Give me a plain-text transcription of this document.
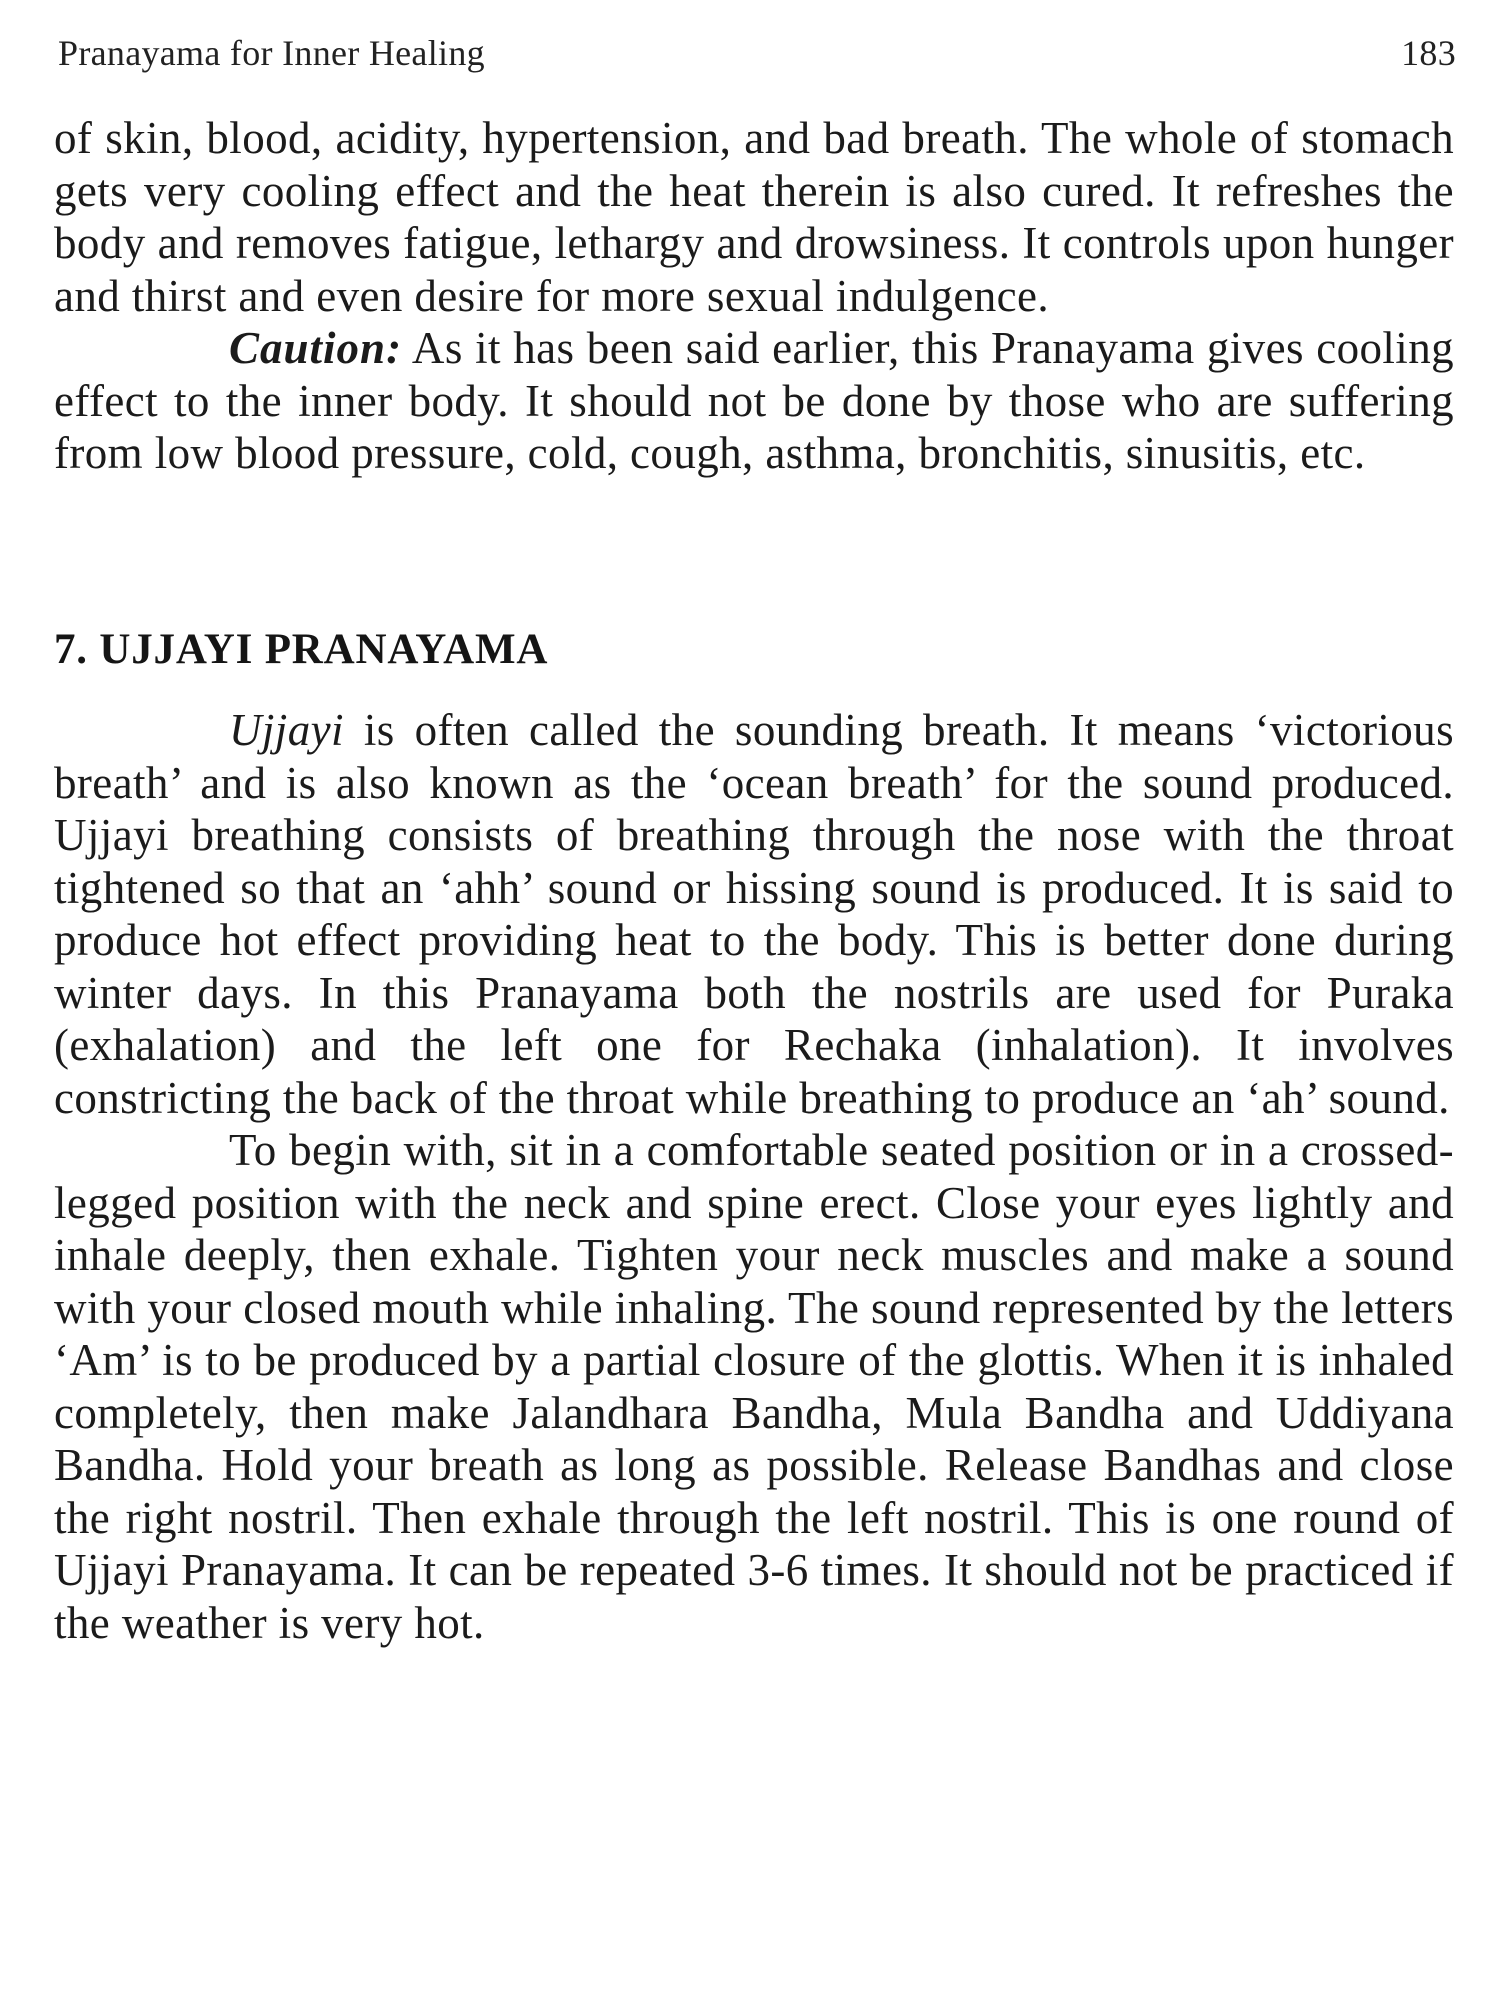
Pranayama for Inner Healing	183

of skin, blood, acidity, hypertension, and bad breath. The whole of stomach gets very cooling effect and the heat therein is also cured. It refreshes the body and removes fatigue, lethargy and drowsiness. It controls upon hunger and thirst and even desire for more sexual indulgence.

Caution: As it has been said earlier, this Pranayama gives cooling effect to the inner body. It should not be done by those who are suffering from low blood pressure, cold, cough, asthma, bronchitis, sinusitis, etc.

7. UJJAYI PRANAYAMA

Ujjayi is often called the sounding breath. It means ‘victorious breath’ and is also known as the ‘ocean breath’ for the sound produced. Ujjayi breathing consists of breathing through the nose with the throat tightened so that an ‘ahh’ sound or hissing sound is produced. It is said to produce hot effect providing heat to the body. This is better done during winter days. In this Pranayama both the nostrils are used for Puraka (exhalation) and the left one for Rechaka (inhalation). It involves constricting the back of the throat while breathing to produce an ‘ah’ sound.

To begin with, sit in a comfortable seated position or in a crossed-legged position with the neck and spine erect. Close your eyes lightly and inhale deeply, then exhale. Tighten your neck muscles and make a sound with your closed mouth while inhaling. The sound represented by the letters ‘Am’ is to be produced by a partial closure of the glottis. When it is inhaled completely, then make Jalandhara Bandha, Mula Bandha and Uddiyana Bandha. Hold your breath as long as possible. Release Bandhas and close the right nostril. Then exhale through the left nostril. This is one round of Ujjayi Pranayama. It can be repeated 3-6 times. It should not be practiced if the weather is very hot.
